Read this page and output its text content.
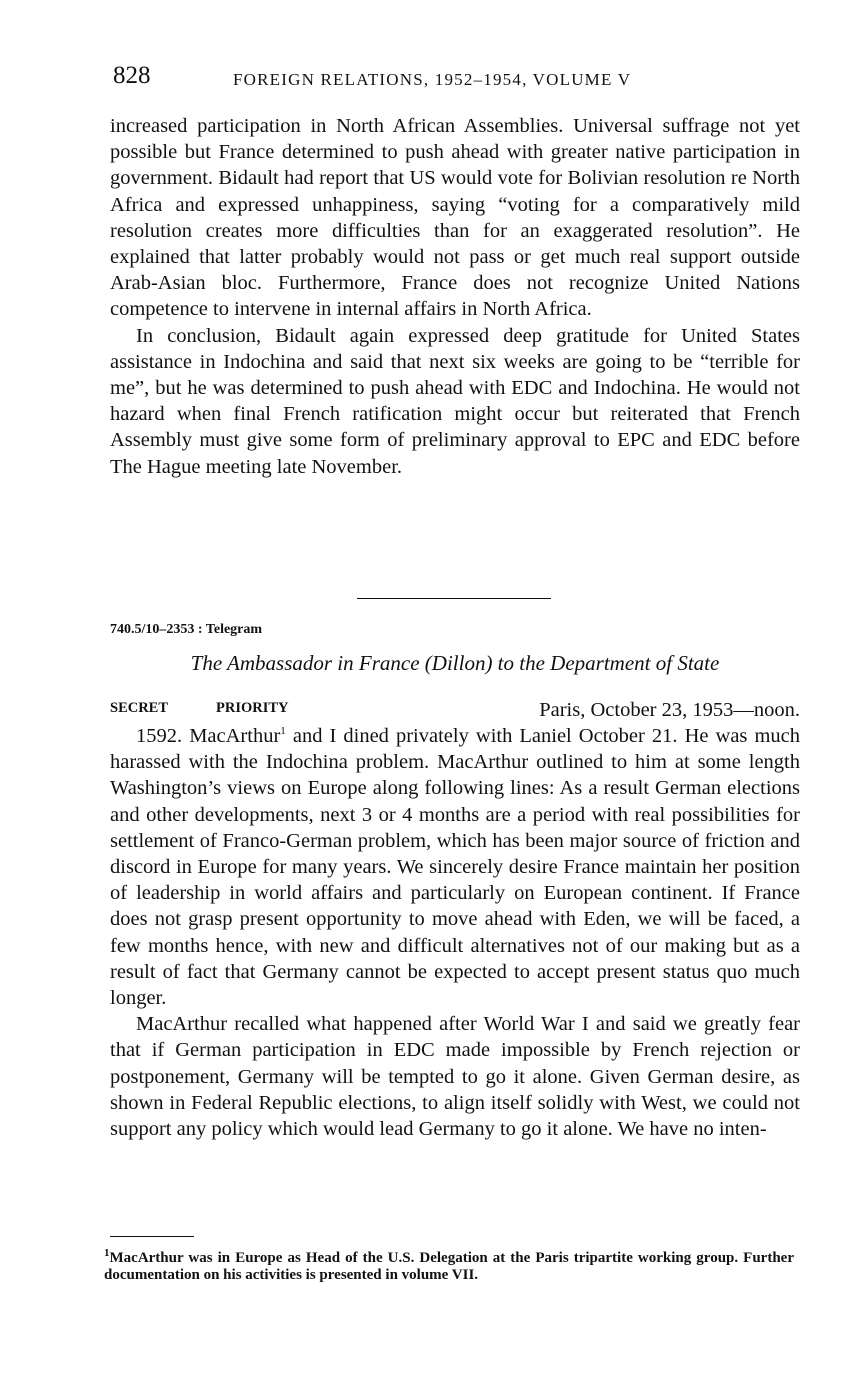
828	FOREIGN RELATIONS, 1952–1954, VOLUME V

increased participation in North African Assemblies. Universal suffrage not yet possible but France determined to push ahead with greater native participation in government. Bidault had report that US would vote for Bolivian resolution re North Africa and expressed unhappiness, saying “voting for a comparatively mild resolution creates more difficulties than for an exaggerated resolution”. He explained that latter probably would not pass or get much real support outside Arab-Asian bloc. Furthermore, France does not recognize United Nations competence to intervene in internal affairs in North Africa.

In conclusion, Bidault again expressed deep gratitude for United States assistance in Indochina and said that next six weeks are going to be “terrible for me”, but he was determined to push ahead with EDC and Indochina. He would not hazard when final French ratification might occur but reiterated that French Assembly must give some form of preliminary approval to EPC and EDC before The Hague meeting late November.

740.5/10–2353 : Telegram
The Ambassador in France (Dillon) to the Department of State
SECRET	PRIORITY	Paris, October 23, 1953—noon.

1592. MacArthur$^1$ and I dined privately with Laniel October 21. He was much harassed with the Indochina problem. MacArthur outlined to him at some length Washington’s views on Europe along following lines: As a result German elections and other developments, next 3 or 4 months are a period with real possibilities for settlement of Franco-German problem, which has been major source of friction and discord in Europe for many years. We sincerely desire France maintain her position of leadership in world affairs and particularly on European continent. If France does not grasp present opportunity to move ahead with Eden, we will be faced, a few months hence, with new and difficult alternatives not of our making but as a result of fact that Germany cannot be expected to accept present status quo much longer.

MacArthur recalled what happened after World War I and said we greatly fear that if German participation in EDC made impossible by French rejection or postponement, Germany will be tempted to go it alone. Given German desire, as shown in Federal Republic elections, to align itself solidly with West, we could not support any policy which would lead Germany to go it alone. We have no inten-

$^1$MacArthur was in Europe as Head of the U.S. Delegation at the Paris tripartite working group. Further documentation on his activities is presented in volume VII.
